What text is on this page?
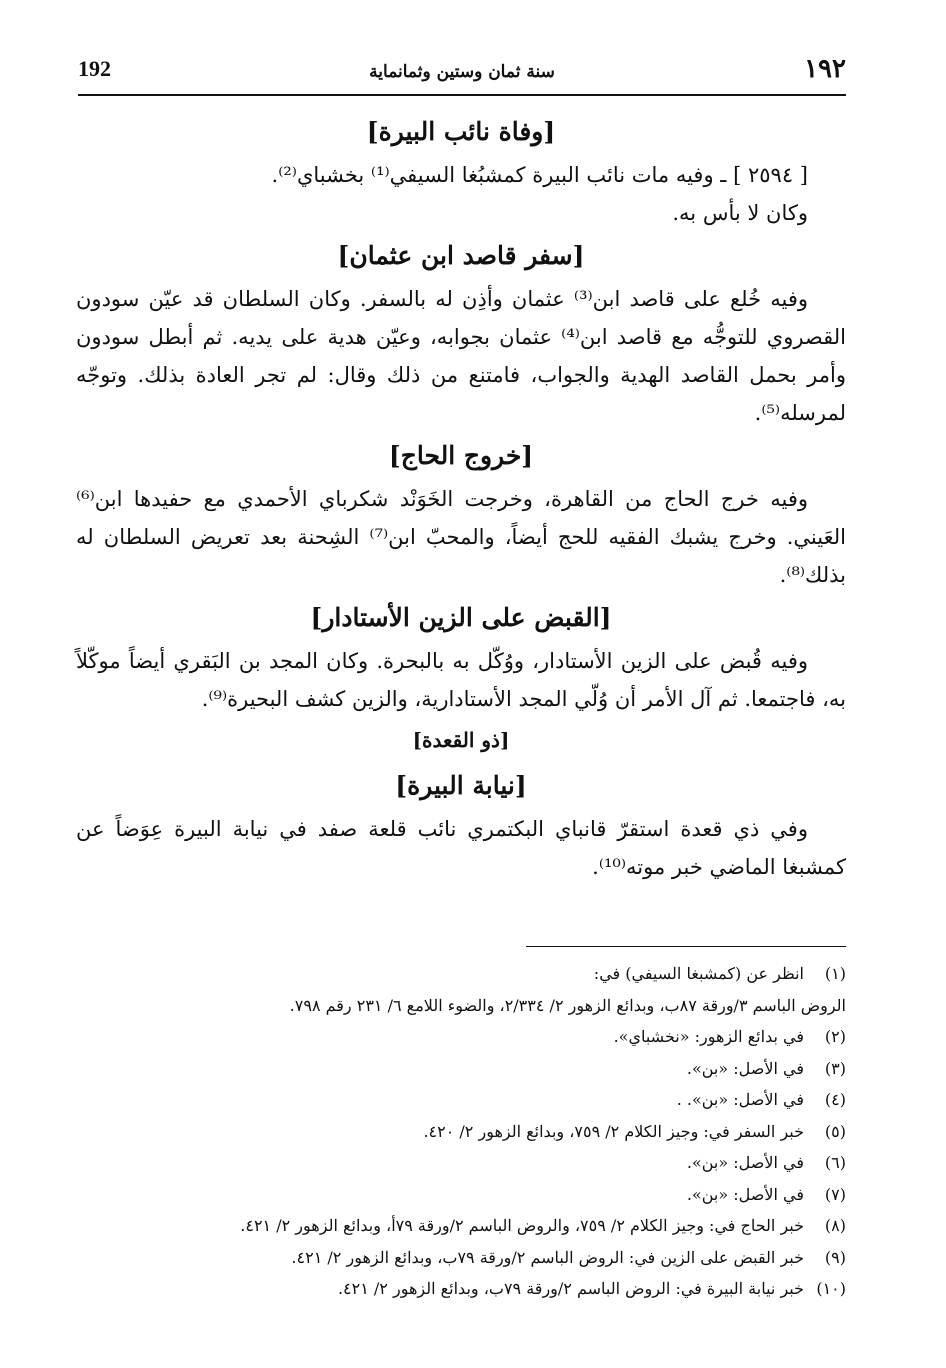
١٩٢
سنة ثمان وستين وثمانماية
192
[وفاة نائب البيرة]

[ ٢٥٩٤ ] ـ وفيه مات نائب البيرة كمشبُغا السيفي⁽¹⁾ بخشباي⁽²⁾.

وكان لا بأس به.

[سفر قاصد ابن عثمان]

وفيه خُلع على قاصد ابن⁽³⁾ عثمان وأذِن له بالسفر. وكان السلطان قد عيّن سودون القصروي للتوجُّه مع قاصد ابن⁽⁴⁾ عثمان بجوابه، وعيّن هدية على يديه. ثم أبطل سودون وأمر بحمل القاصد الهدية والجواب، فامتنع من ذلك وقال: لم تجر العادة بذلك. وتوجّه لمرسله⁽⁵⁾.

[خروج الحاج]

وفيه خرج الحاج من القاهرة، وخرجت الخَوَنْد شكرباي الأحمدي مع حفيدها ابن⁽⁶⁾ العَيني. وخرج يشبك الفقيه للحج أيضاً، والمحبّ ابن⁽⁷⁾ الشِحنة بعد تعريض السلطان له بذلك⁽⁸⁾.

[القبض على الزين الأستادار]

وفيه قُبض على الزين الأستادار، ووُكّل به بالبحرة. وكان المجد بن البَقري أيضاً موكّلاً به، فاجتمعا. ثم آل الأمر أن وُلّي المجد الأستادارية، والزين كشف البحيرة⁽⁹⁾.

[ذو القعدة]

[نيابة البيرة]

وفي ذي قعدة استقرّ قانباي البكتمري نائب قلعة صفد في نيابة البيرة عِوَضاً عن كمشبغا الماضي خبر موته⁽¹⁰⁾.

(١)
انظر عن (كمشبغا السيفي) في:
الروض الباسم ٣/ورقة ٨٧ب، وبدائع الزهور ٢/ ٢/٣٣٤، والضوء اللامع ٦/ ٢٣١ رقم ٧٩٨.
(٢)
في بدائع الزهور: «نخشباي».
(٣)
في الأصل: «بن».
(٤)
في الأصل: «بن». .
(٥)
خبر السفر في: وجيز الكلام ٢/ ٧٥٩، وبدائع الزهور ٢/ ٤٢٠.
(٦)
في الأصل: «بن».
(٧)
في الأصل: «بن».
(٨)
خبر الحاج في: وجيز الكلام ٢/ ٧٥٩، والروض الباسم ٢/ورقة ٧٩أ، وبدائع الزهور ٢/ ٤٢١.
(٩)
خبر القبض على الزين في: الروض الباسم ٢/ورقة ٧٩ب، وبدائع الزهور ٢/ ٤٢١.
(١٠)
خبر نيابة البيرة في: الروض الباسم ٢/ورقة ٧٩ب، وبدائع الزهور ٢/ ٤٢١.
